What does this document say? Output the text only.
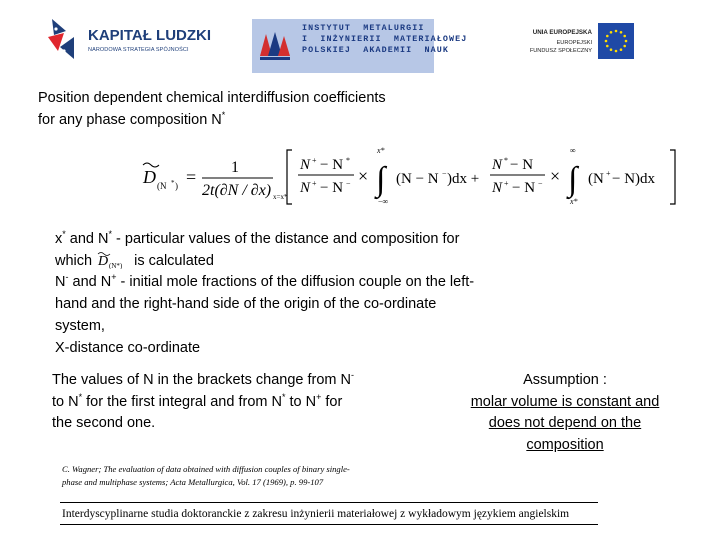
KAPITAŁ LUDZKI
NARODOWA STRATEGIA SPÓJNOŚCI
INSTYTUT  METALURGII
I  INŻYNIERII  MATERIAŁOWEJ
POLSKIEJ  AKADEMII  NAUK
UNIA EUROPEJSKA
EUROPEJSKI
FUNDUSZ SPOŁECZNY
Position dependent chemical interdiffusion coefficients
for any phase composition N*
D (N * ) = 1
2t(∂N / ∂x) x=x*
N + − N *
N + − N − ×
x*
∫
−∞
(N − N − )dx +
N * − N
N + − N − ×
∞
∫
x*
(N + − N)dx
x* and N* - particular values of the distance and composition for
which D (N*) is calculated
N- and N+ - initial mole fractions of the diffusion couple on the left-
hand and the right-hand side of the origin of the co-ordinate
system,
X-distance co-ordinate
The values of N in the brackets change from N-
to N* for the first integral and from N* to N+ for
the second one.
Assumption :
molar volume is constant and
does not depend on the
composition
C. Wagner; The evaluation of data obtained with diffusion couples of binary single-
phase and multiphase systems; Acta Metallurgica, Vol. 17 (1969), p. 99-107
Interdyscyplinarne studia doktoranckie z zakresu inżynierii materiałowej z wykładowym językiem angielskim
